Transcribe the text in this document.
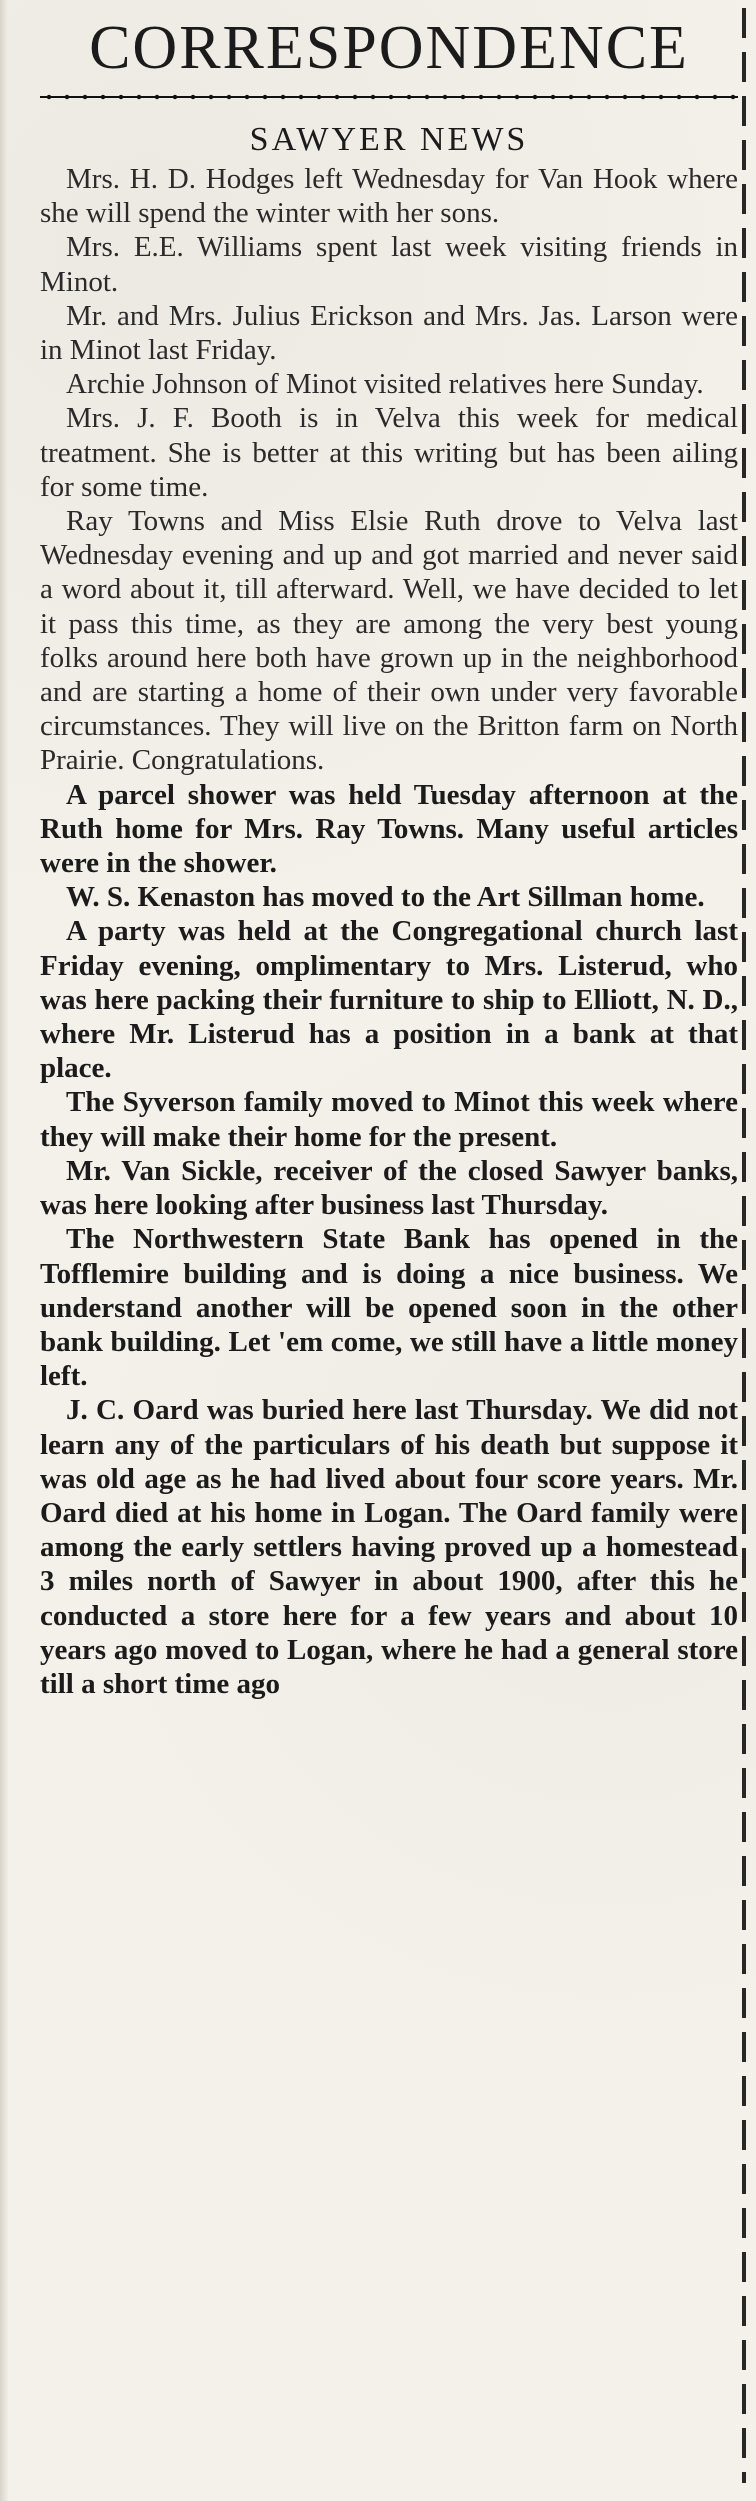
CORRESPONDENCE
SAWYER NEWS

Mrs. H. D. Hodges left Wednesday for Van Hook where she will spend the winter with her sons.

Mrs. E.E. Williams spent last week visiting friends in Minot.

Mr. and Mrs. Julius Erickson and Mrs. Jas. Larson were in Minot last Friday.

Archie Johnson of Minot visited relatives here Sunday.

Mrs. J. F. Booth is in Velva this week for medical treatment. She is better at this writing but has been ailing for some time.

Ray Towns and Miss Elsie Ruth drove to Velva last Wednesday evening and up and got married and never said a word about it, till afterward. Well, we have decided to let it pass this time, as they are among the very best young folks around here both have grown up in the neighborhood and are starting a home of their own under very favorable circumstances. They will live on the Britton farm on North Prairie. Congratulations.

A parcel shower was held Tuesday afternoon at the Ruth home for Mrs. Ray Towns. Many useful articles were in the shower.

W. S. Kenaston has moved to the Art Sillman home.

A party was held at the Congregational church last Friday evening, omplimentary to Mrs. Listerud, who was here packing their furniture to ship to Elliott, N. D., where Mr. Listerud has a position in a bank at that place.

The Syverson family moved to Minot this week where they will make their home for the present.

Mr. Van Sickle, receiver of the closed Sawyer banks, was here looking after business last Thursday.

The Northwestern State Bank has opened in the Tofflemire building and is doing a nice business. We understand another will be opened soon in the other bank building. Let 'em come, we still have a little money left.

J. C. Oard was buried here last Thursday. We did not learn any of the particulars of his death but suppose it was old age as he had lived about four score years. Mr. Oard died at his home in Logan. The Oard family were among the early settlers having proved up a homestead 3 miles north of Sawyer in about 1900, after this he conducted a store here for a few years and about 10 years ago moved to Logan, where he had a general store till a short time ago
